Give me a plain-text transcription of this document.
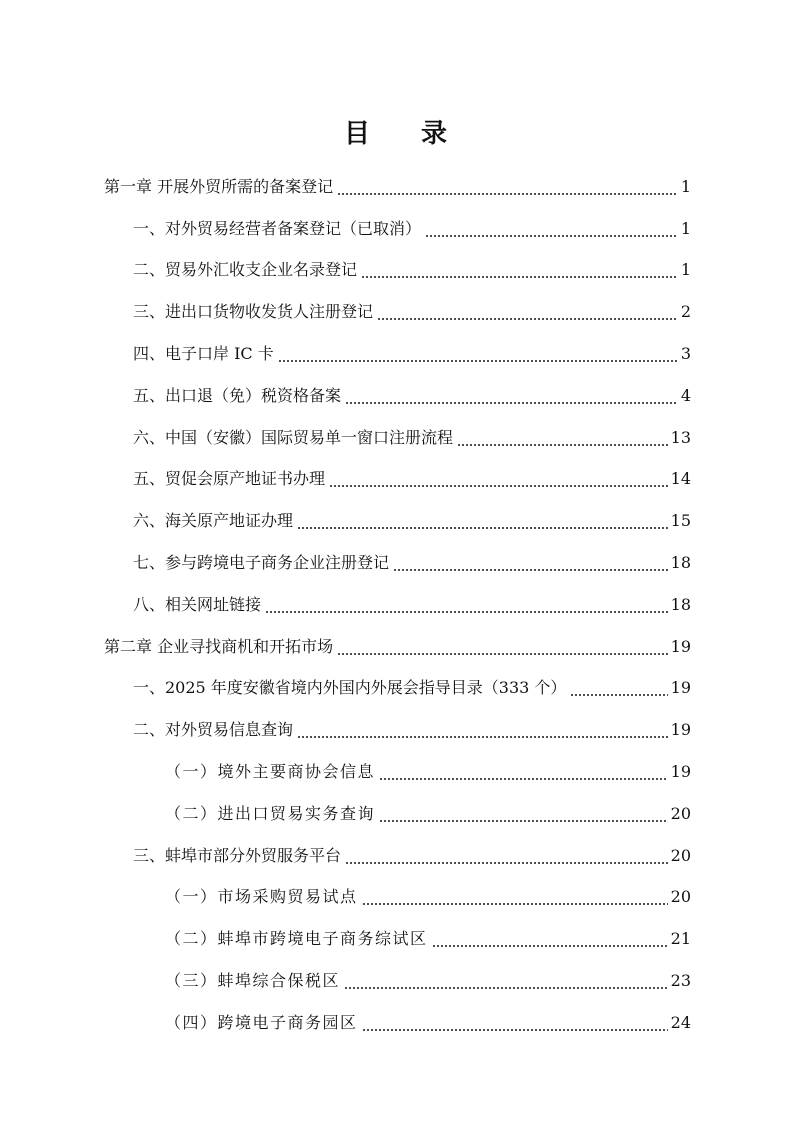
目 录
第一章 开展外贸所需的备案登记	1
一、对外贸易经营者备案登记（已取消）	1
二、贸易外汇收支企业名录登记	1
三、进出口货物收发货人注册登记	2
四、电子口岸 IC 卡	3
五、出口退（免）税资格备案	4
六、中国（安徽）国际贸易单一窗口注册流程	13
五、贸促会原产地证书办理	14
六、海关原产地证办理	15
七、参与跨境电子商务企业注册登记	18
八、相关网址链接	18
第二章 企业寻找商机和开拓市场	19
一、2025 年度安徽省境内外国内外展会指导目录（333 个）	19
二、对外贸易信息查询	19
（一）境外主要商协会信息	19
（二）进出口贸易实务查询	20
三、蚌埠市部分外贸服务平台	20
（一）市场采购贸易试点	20
（二）蚌埠市跨境电子商务综试区	21
（三）蚌埠综合保税区	23
（四）跨境电子商务园区	24
